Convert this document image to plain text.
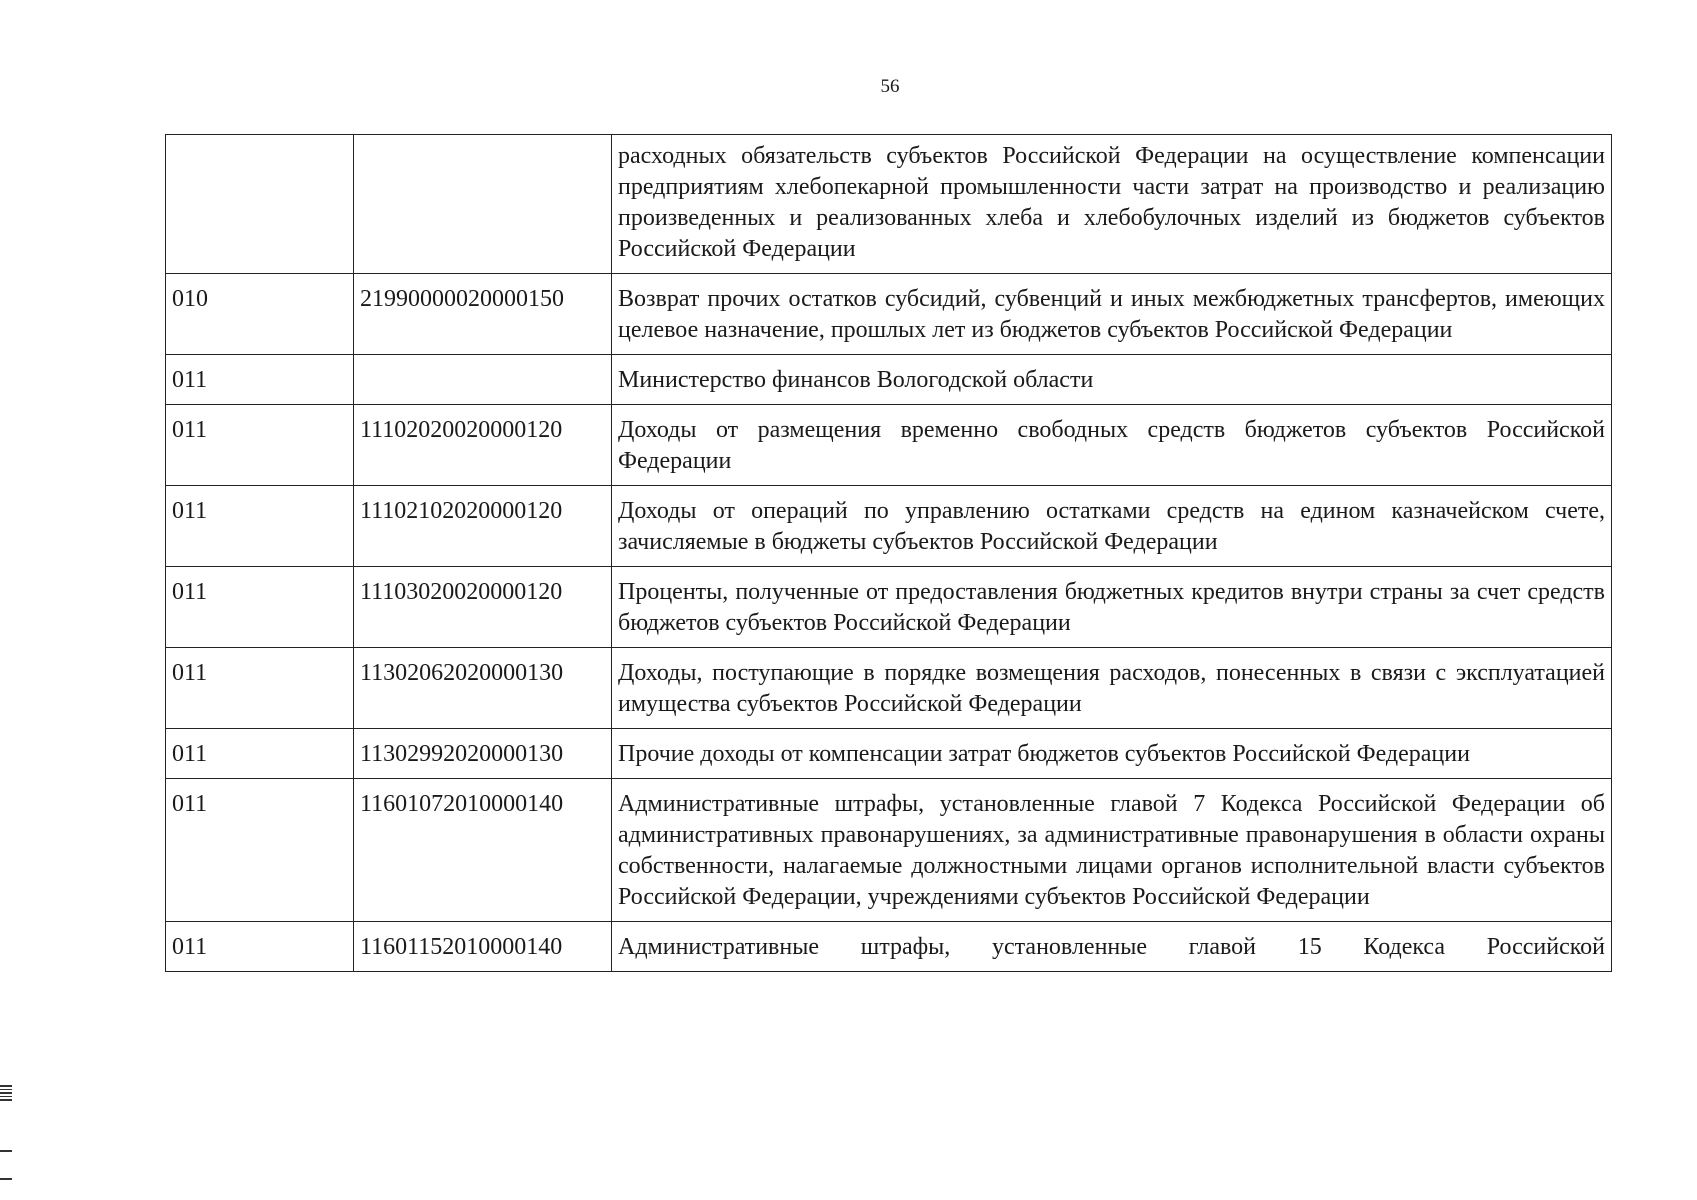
56
		расходных обязательств субъектов Российской Федерации на осуществление компенсации предприятиям хлебопекарной промышленности части затрат на производство и реализацию произведенных и реализованных хлеба и хлебобулочных изделий из бюджетов субъектов Российской Федерации
010	21990000020000150	Возврат прочих остатков субсидий, субвенций и иных межбюджетных трансфертов, имеющих целевое назначение, прошлых лет из бюджетов субъектов Российской Федерации
011		Министерство финансов Вологодской области
011	11102020020000120	Доходы от размещения временно свободных средств бюджетов субъектов Российской Федерации
011	11102102020000120	Доходы от операций по управлению остатками средств на едином казначейском счете, зачисляемые в бюджеты субъектов Российской Федерации
011	11103020020000120	Проценты, полученные от предоставления бюджетных кредитов внутри страны за счет средств бюджетов субъектов Российской Федерации
011	11302062020000130	Доходы, поступающие в порядке возмещения расходов, понесенных в связи с эксплуатацией имущества субъектов Российской Федерации
011	11302992020000130	Прочие доходы от компенсации затрат бюджетов субъектов Российской Федерации
011	11601072010000140	Административные штрафы, установленные главой 7 Кодекса Российской Федерации об административных правонарушениях, за административные правонарушения в области охраны собственности, налагаемые должностными лицами органов исполнительной власти субъектов Российской Федерации, учреждениями субъектов Российской Федерации
011	11601152010000140	Административные штрафы, установленные главой 15 Кодекса Российской
